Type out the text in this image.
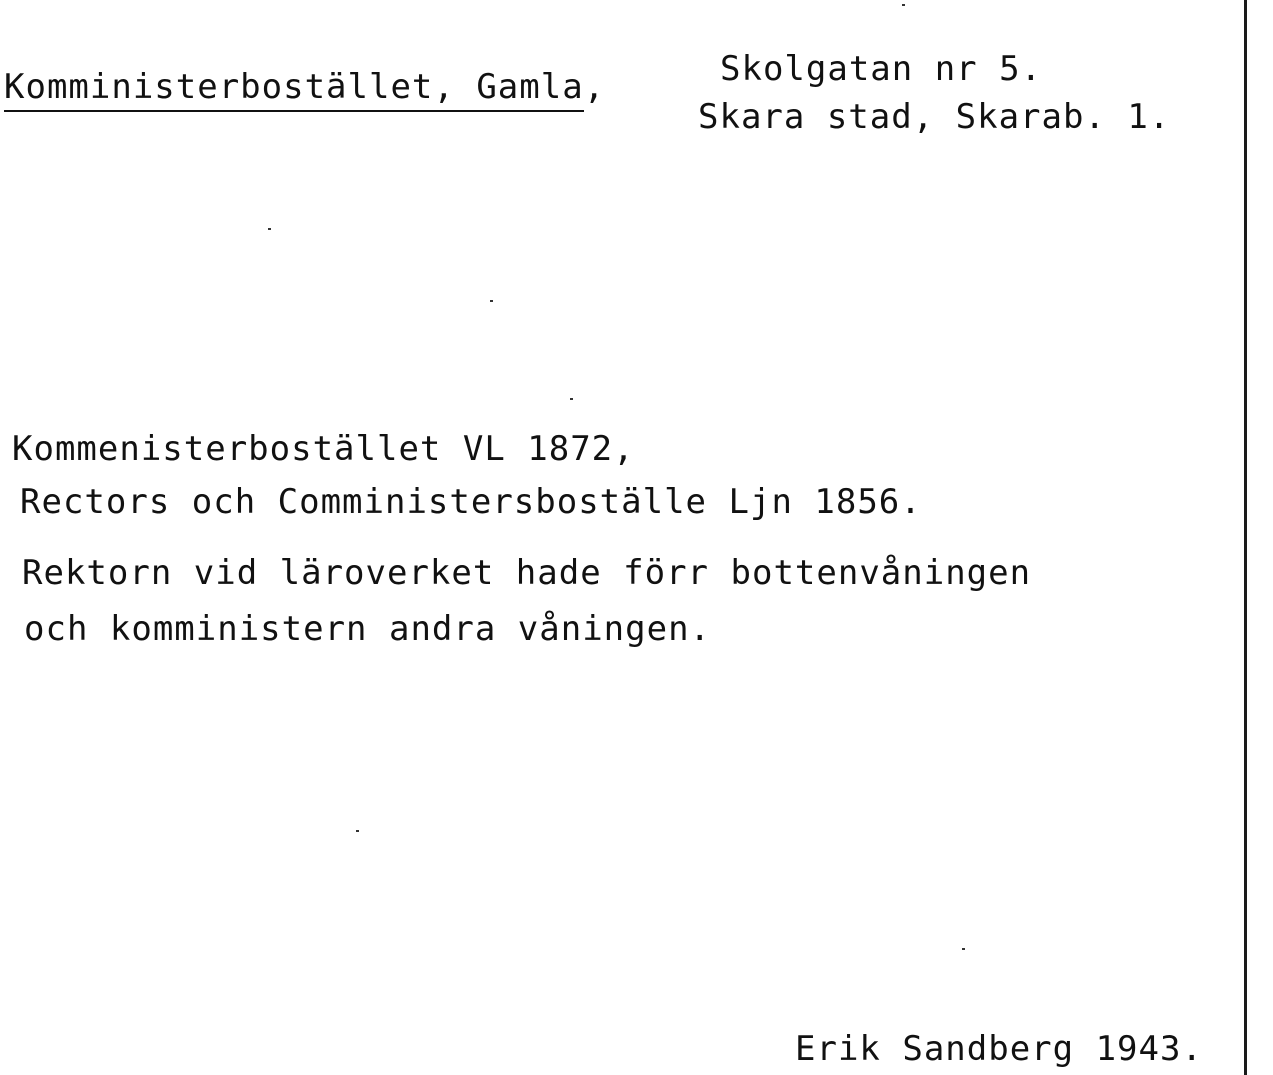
Komministerbostället, Gamla,	Skolgatan nr 5.
Skara stad, Skarab. 1.
Kommenisterbostället VL 1872,
Rectors och Comministersboställe Ljn 1856.
Rektorn vid läroverket hade förr bottenvåningen
och komministern andra våningen.
Erik Sandberg 1943.
